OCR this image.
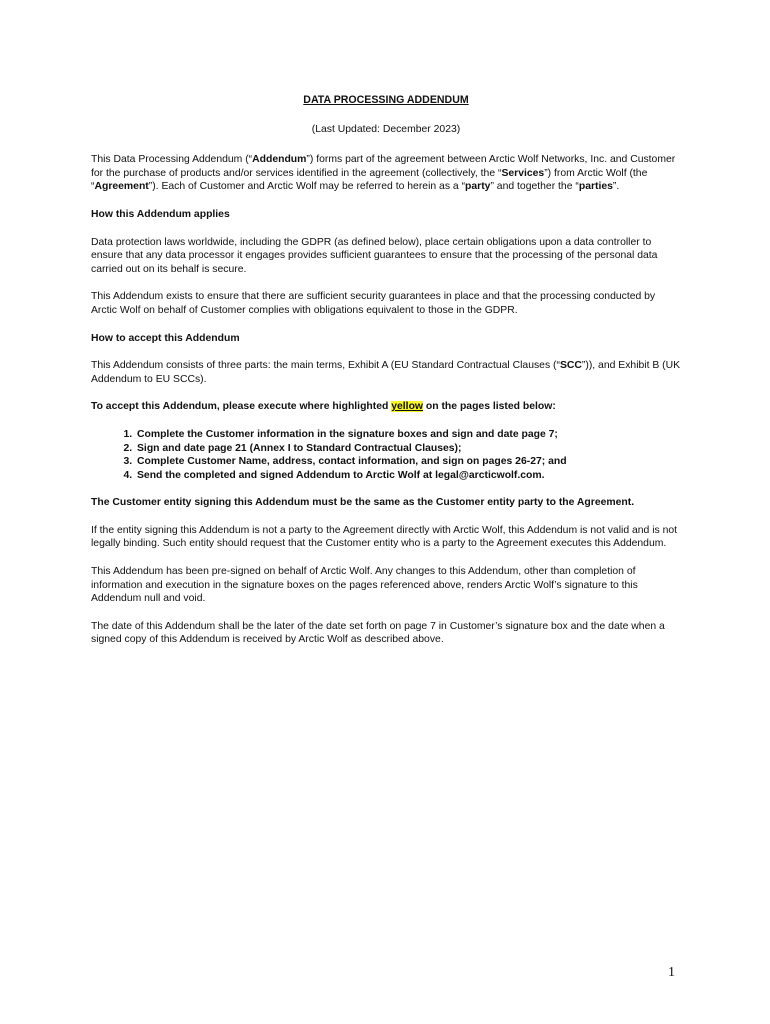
DATA PROCESSING ADDENDUM
(Last Updated: December 2023)

This Data Processing Addendum (“Addendum”) forms part of the agreement between Arctic Wolf Networks, Inc. and Customer for the purchase of products and/or services identified in the agreement (collectively, the “Services”) from Arctic Wolf (the “Agreement”). Each of Customer and Arctic Wolf may be referred to herein as a “party” and together the “parties”.

How this Addendum applies

Data protection laws worldwide, including the GDPR (as defined below), place certain obligations upon a data controller to ensure that any data processor it engages provides sufficient guarantees to ensure that the processing of the personal data carried out on its behalf is secure.

This Addendum exists to ensure that there are sufficient security guarantees in place and that the processing conducted by Arctic Wolf on behalf of Customer complies with obligations equivalent to those in the GDPR.

How to accept this Addendum

This Addendum consists of three parts: the main terms, Exhibit A (EU Standard Contractual Clauses (“SCC”)), and Exhibit B (UK Addendum to EU SCCs).

To accept this Addendum, please execute where highlighted yellow on the pages listed below:
1. Complete the Customer information in the signature boxes and sign and date page 7;
2. Sign and date page 21 (Annex I to Standard Contractual Clauses);
3. Complete Customer Name, address, contact information, and sign on pages 26-27; and
4. Send the completed and signed Addendum to Arctic Wolf at legal@arcticwolf.com.
The Customer entity signing this Addendum must be the same as the Customer entity party to the Agreement.

If the entity signing this Addendum is not a party to the Agreement directly with Arctic Wolf, this Addendum is not valid and is not legally binding. Such entity should request that the Customer entity who is a party to the Agreement executes this Addendum.

This Addendum has been pre-signed on behalf of Arctic Wolf. Any changes to this Addendum, other than completion of information and execution in the signature boxes on the pages referenced above, renders Arctic Wolf’s signature to this Addendum null and void.

The date of this Addendum shall be the later of the date set forth on page 7 in Customer’s signature box and the date when a signed copy of this Addendum is received by Arctic Wolf as described above.

1
